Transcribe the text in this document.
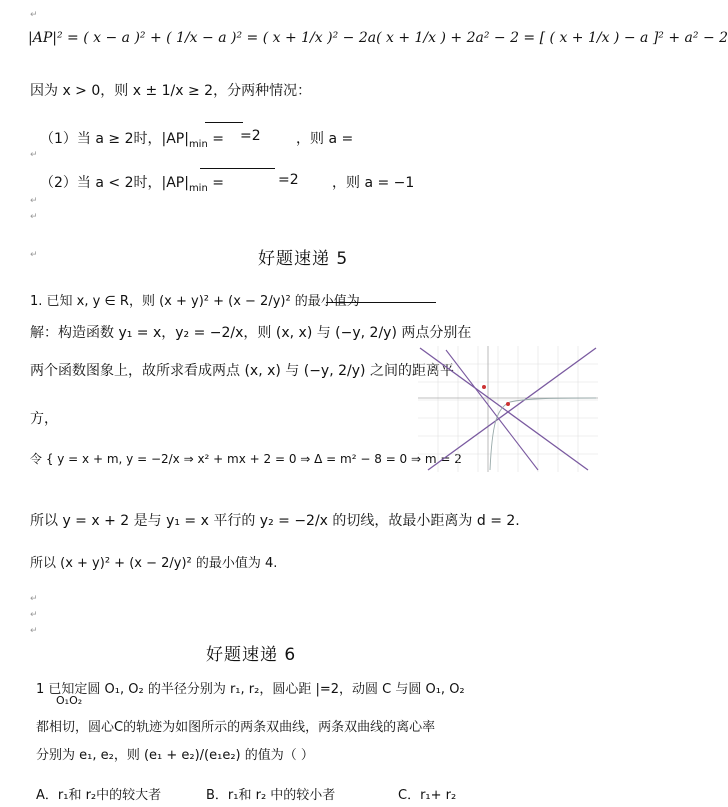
|AP|² = ( x − a )² + ( 1/x − a )² = ( x + 1/x )² − 2a( x + 1/x ) + 2a² − 2 = [ ( x + 1/x ) − a ]² + a² − 2
↵
因为 x > 0，则 x ± 1/x ≥ 2，分两种情况：
（1）当 a ≥ 2时，$|AP|_{min} = =2$	，则 a =
↵
（2）当 a < 2时，$|AP|_{min}$ =	=2 ，则 a = −1
↵
↵
↵	好题速递 5
1. 已知 x, y ∈ R，则 (x + y)² + (x − 2/y)² 的最小值为
解：构造函数 y₁ = x，y₂ = −2/x，则 (x, x) 与 (−y, 2/y) 两点分别在
两个函数图象上，故所求看成两点 (x, x) 与 (−y, 2/y) 之间的距离平
方，
令 { y = x + m, y = −2/x ⇒ x² + mx + 2 = 0 ⇒ Δ = m² − 8 = 0 ⇒ m = 2
所以 y = x + 2 是与 y₁ = x 平行的 y₂ = −2/x 的切线，故最小距离为 d = 2.
所以 (x + y)² + (x − 2/y)² 的最小值为 4.
↵
↵
↵
好题速递 6
1 已知定圆 O₁, O₂ 的半径分别为 r₁, r₂，圆心距 |=2，动圆 C 与圆 O₁, O₂
O₁O₂
都相切，圆心C的轨迹为如图所示的两条双曲线，两条双曲线的离心率
分别为 e₁, e₂，则 (e₁ + e₂)/(e₁e₂) 的值为（ ）
A．r₁和 r₂中的较大者	B．r₁和 r₂ 中的较小者	C．r₁+ r₂
